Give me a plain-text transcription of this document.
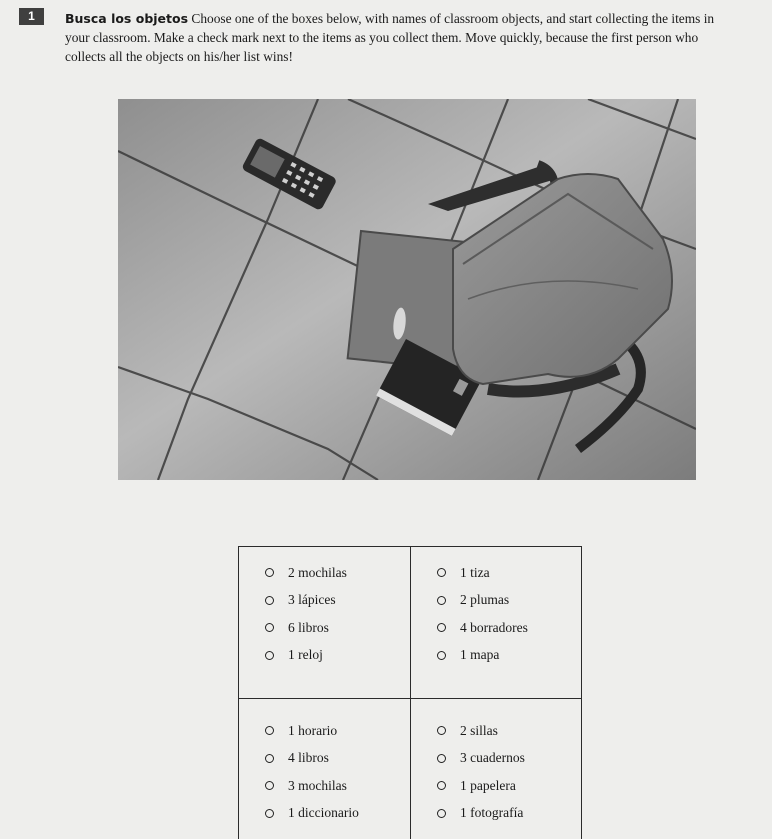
1	Busca los objetos Choose one of the boxes below, with names of classroom objects, and start collecting the items in your classroom. Make a check mark next to the items as you collect them. Move quickly, because the first person who collects all the objects on his/her list wins!
2 mochilas
3 lápices
6 libros
1 reloj
1 tiza
2 plumas
4 borradores
1 mapa
1 horario
4 libros
3 mochilas
1 diccionario
2 sillas
3 cuadernos
1 papelera
1 fotografía
